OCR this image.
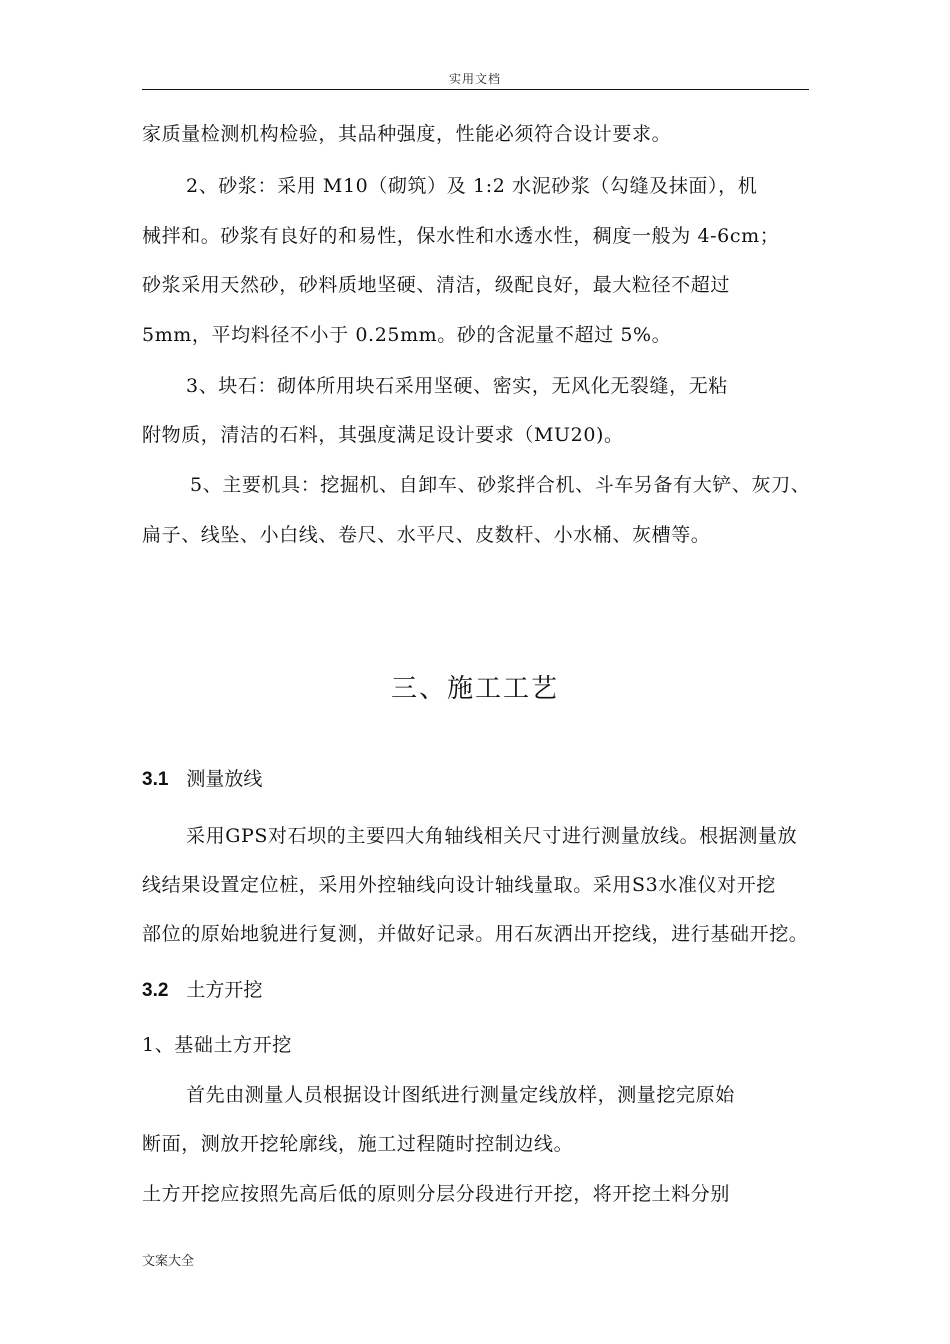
实用文档
家质量检测机构检验，其品种强度，性能必须符合设计要求。
2、砂浆：采用 M10（砌筑）及 1:2 水泥砂浆（勾缝及抹面），机
械拌和。砂浆有良好的和易性，保水性和水透水性，稠度一般为 4-6cm；
砂浆采用天然砂，砂料质地坚硬、清洁，级配良好，最大粒径不超过
5mm，平均料径不小于 0.25mm。砂的含泥量不超过 5%。
3、块石：砌体所用块石采用坚硬、密实，无风化无裂缝，无粘
附物质，清洁的石料，其强度满足设计要求（MU20)。
5、主要机具：挖掘机、自卸车、砂浆拌合机、斗车另备有大铲、灰刀、
扁子、线坠、小白线、卷尺、水平尺、皮数杆、小水桶、灰槽等。
三、施工工艺
3.1 测量放线
采用GPS对石坝的主要四大角轴线相关尺寸进行测量放线。根据测量放
线结果设置定位桩，采用外控轴线向设计轴线量取。采用S3水准仪对开挖
部位的原始地貌进行复测，并做好记录。用石灰洒出开挖线，进行基础开挖。
3.2 土方开挖
1、基础土方开挖
首先由测量人员根据设计图纸进行测量定线放样，测量挖完原始
断面，测放开挖轮廓线，施工过程随时控制边线。
土方开挖应按照先高后低的原则分层分段进行开挖，将开挖土料分别
文案大全
